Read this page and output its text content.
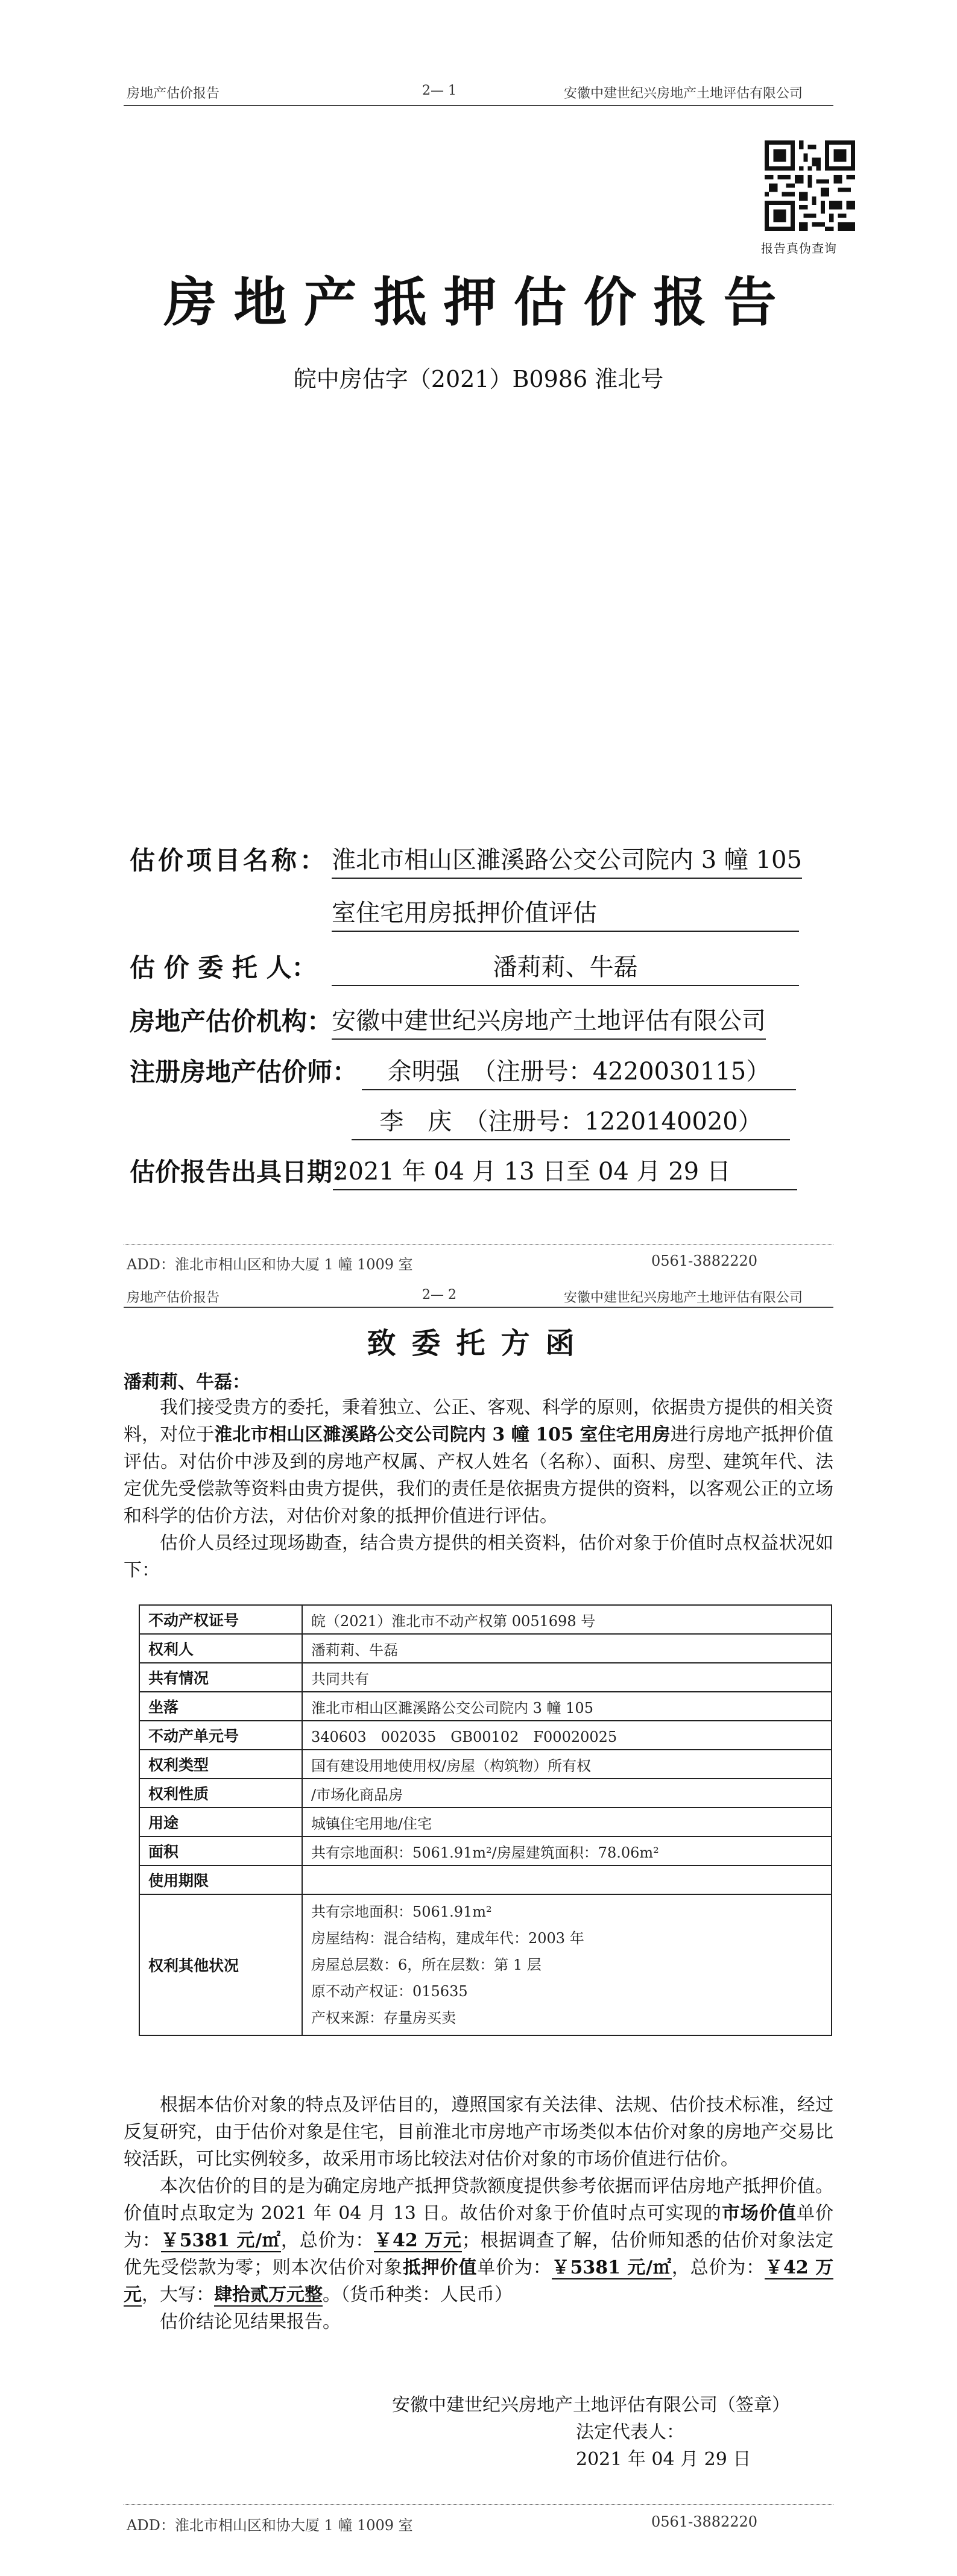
房地产估价报告	2— 1	安徽中建世纪兴房地产土地评估有限公司
报告真伪查询
房地产抵押估价报告
皖中房估字（2021）B0986 淮北号
估价项目名称： 淮北市相山区濉溪路公交公司院内 3 幢 105
室住宅用房抵押价值评估
估 价 委 托 人：	潘莉莉、牛磊
房地产估价机构：
安徽中建世纪兴房地产土地评估有限公司
注册房地产估价师：	余明强　（注册号：4220030115）
李　庆　（注册号：1220140020）
估价报告出具日期：
2021 年 04 月 13 日至 04 月 29 日
ADD：淮北市相山区和协大厦 1 幢 1009 室	0561-3882220
房地产估价报告	2— 2	安徽中建世纪兴房地产土地评估有限公司
致委托方函
潘莉莉、牛磊：

我们接受贵方的委托，秉着独立、公正、客观、科学的原则，依据贵方提供的相关资料，对位于淮北市相山区濉溪路公交公司院内 3 幢 105 室住宅用房进行房地产抵押价值评估。对估价中涉及到的房地产权属、产权人姓名（名称）、面积、房型、建筑年代、法定优先受偿款等资料由贵方提供，我们的责任是依据贵方提供的资料，以客观公正的立场和科学的估价方法，对估价对象的抵押价值进行评估。

估价人员经过现场勘查，结合贵方提供的相关资料，估价对象于价值时点权益状况如下：

不动产权证号	皖（2021）淮北市不动产权第 0051698 号
权利人	潘莉莉、牛磊
共有情况	共同共有
坐落	淮北市相山区濉溪路公交公司院内 3 幢 105
不动产单元号	340603　002035　GB00102　F00020025
权利类型	国有建设用地使用权/房屋（构筑物）所有权
权利性质	/市场化商品房
用途	城镇住宅用地/住宅
面积	共有宗地面积：5061.91m²/房屋建筑面积：78.06m²
使用期限	
权利其他状况	共有宗地面积：5061.91m²
房屋结构：混合结构，建成年代：2003 年
房屋总层数：6，所在层数：第 1 层
原不动产权证：015635
产权来源：存量房买卖

根据本估价对象的特点及评估目的，遵照国家有关法律、法规、估价技术标准，经过反复研究，由于估价对象是住宅，目前淮北市房地产市场类似本估价对象的房地产交易比较活跃，可比实例较多，故采用市场比较法对估价对象的市场价值进行估价。

本次估价的目的是为确定房地产抵押贷款额度提供参考依据而评估房地产抵押价值。价值时点取定为 2021 年 04 月 13 日。故估价对象于价值时点可实现的市场价值单价为：￥5381 元/㎡，总价为：￥42 万元；根据调查了解，估价师知悉的估价对象法定优先受偿款为零；则本次估价对象抵押价值单价为：￥5381 元/㎡，总价为：￥42 万元，大写：肆拾贰万元整。（货币种类：人民币）

估价结论见结果报告。

安徽中建世纪兴房地产土地评估有限公司（签章）
法定代表人：
2021 年 04 月 29 日
ADD：淮北市相山区和协大厦 1 幢 1009 室	0561-3882220
